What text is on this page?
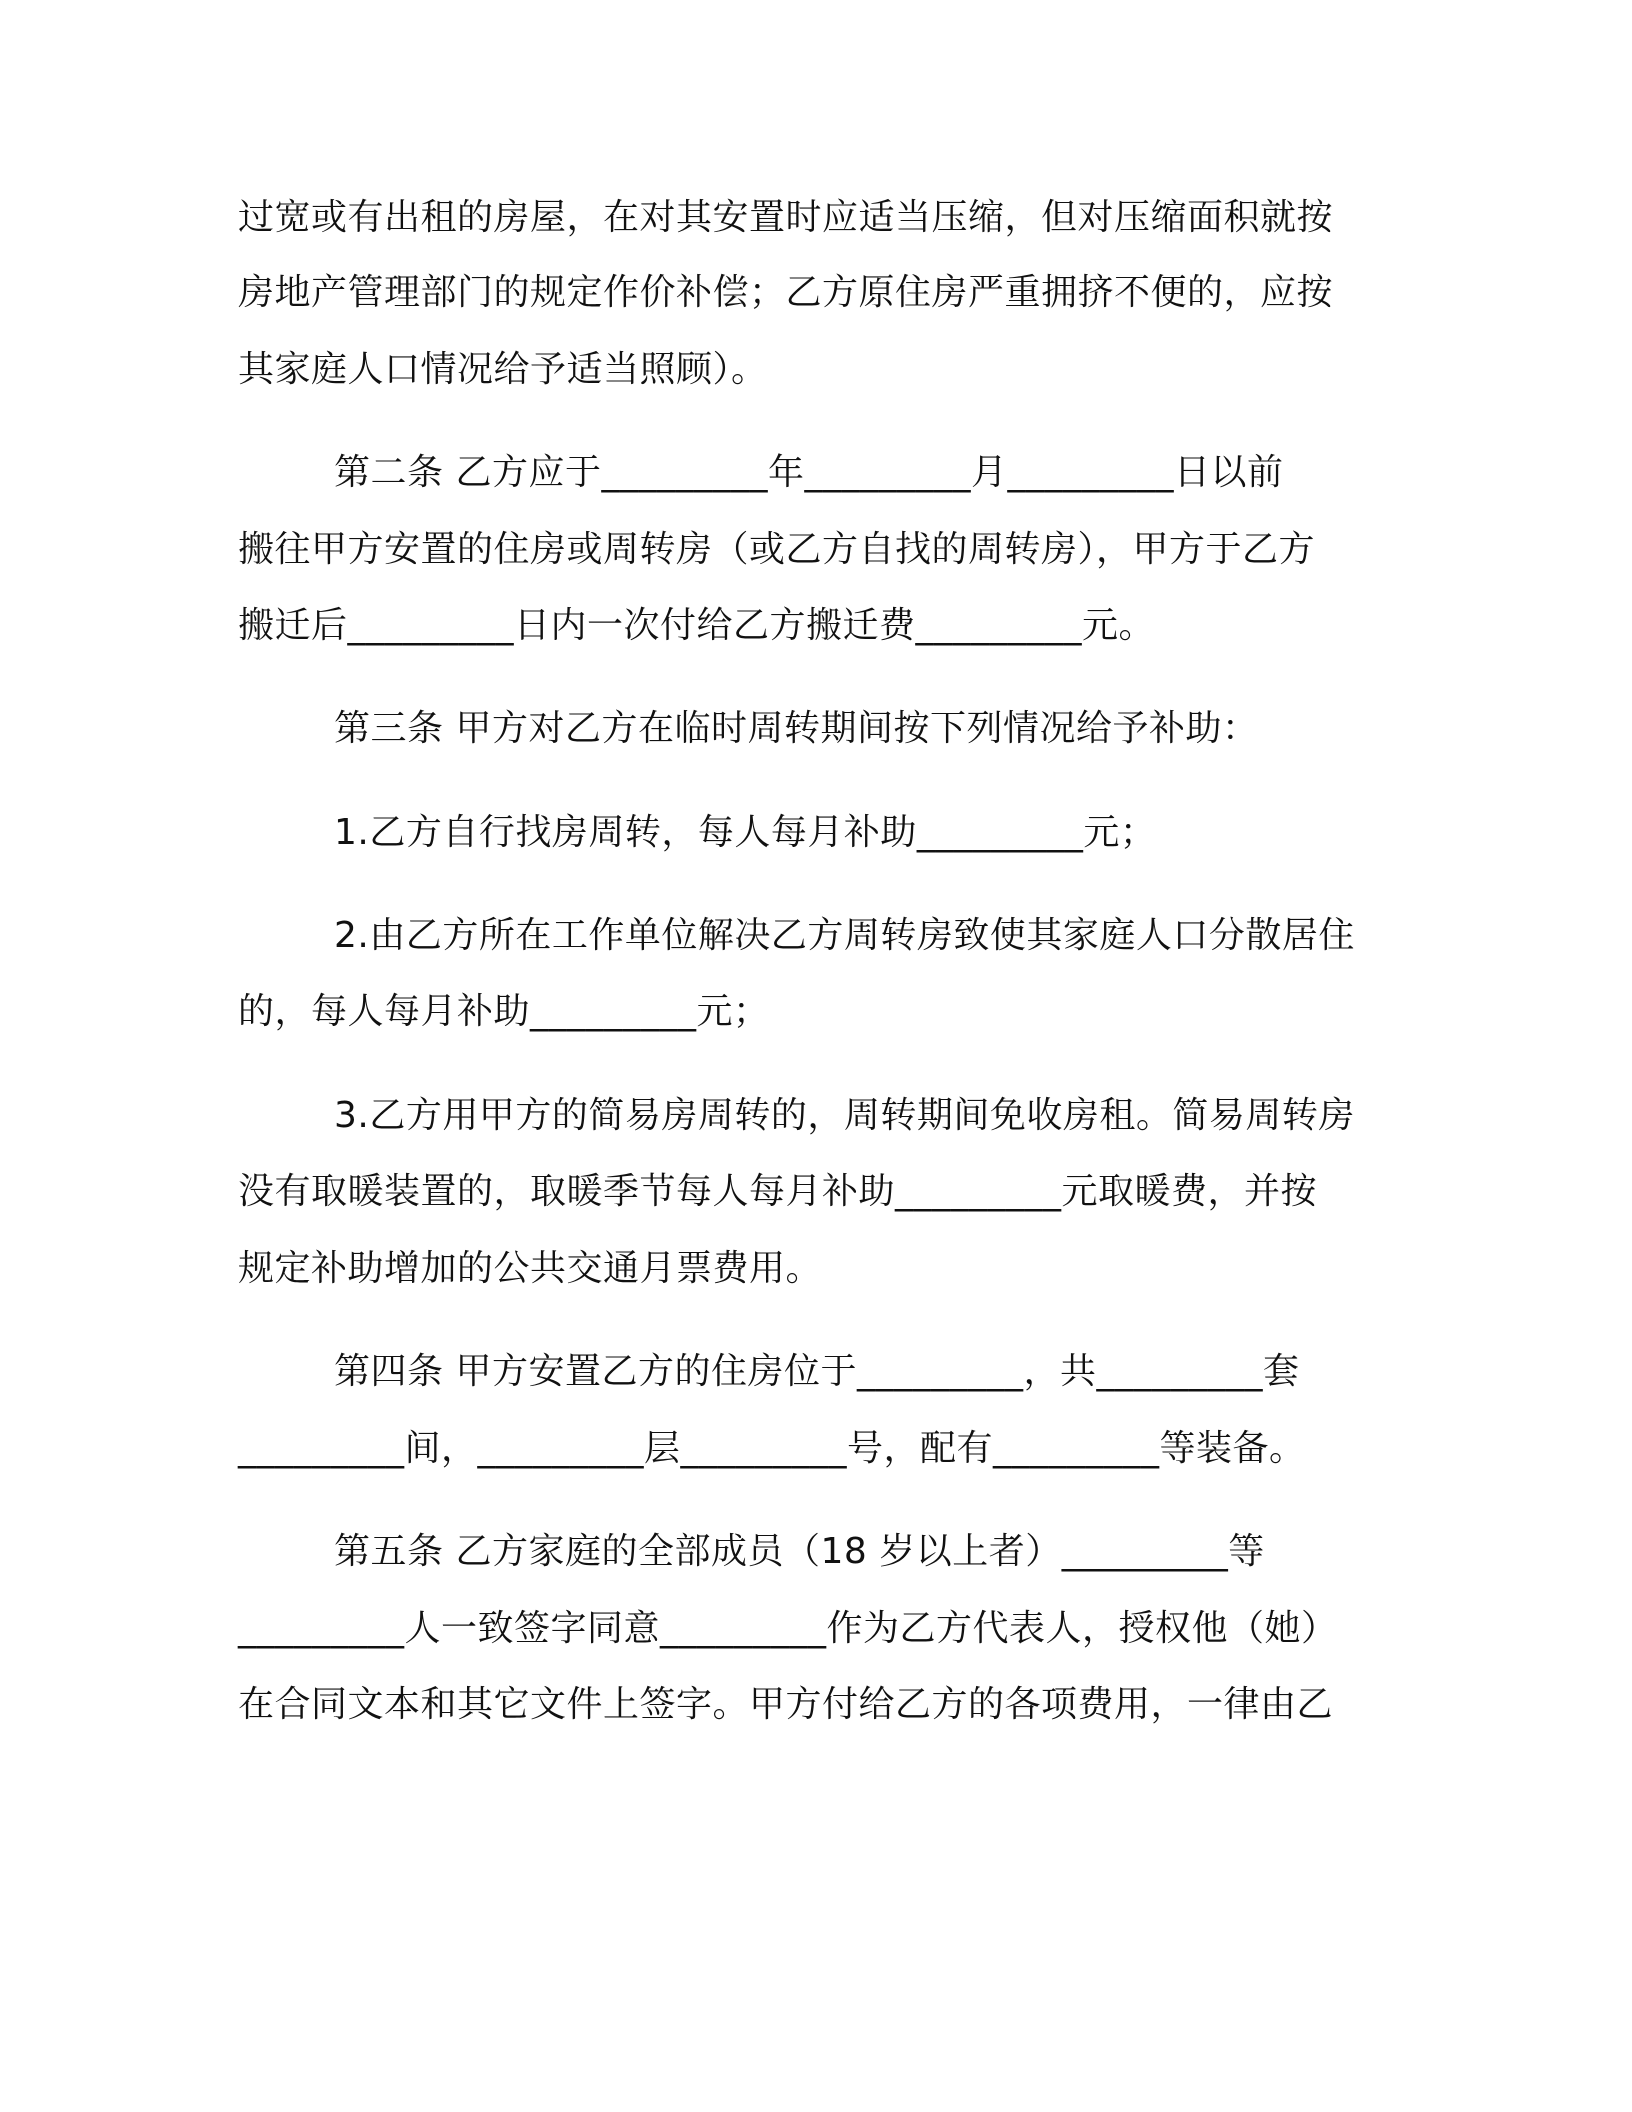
过宽或有出租的房屋，在对其安置时应适当压缩，但对压缩面积就按
房地产管理部门的规定作价补偿；乙方原住房严重拥挤不便的，应按
其家庭人口情况给予适当照顾）。
第二条 乙方应于_________年_________月_________日以前
搬往甲方安置的住房或周转房（或乙方自找的周转房），甲方于乙方
搬迁后_________日内一次付给乙方搬迁费_________元。
第三条 甲方对乙方在临时周转期间按下列情况给予补助：
1.乙方自行找房周转，每人每月补助_________元；
2.由乙方所在工作单位解决乙方周转房致使其家庭人口分散居住
的，每人每月补助_________元；
3.乙方用甲方的简易房周转的，周转期间免收房租。简易周转房
没有取暖装置的，取暖季节每人每月补助_________元取暖费，并按
规定补助增加的公共交通月票费用。
第四条 甲方安置乙方的住房位于_________，共_________套
_________间，_________层_________号，配有_________等装备。
第五条 乙方家庭的全部成员（18 岁以上者）_________等
_________人一致签字同意_________作为乙方代表人，授权他（她）
在合同文本和其它文件上签字。甲方付给乙方的各项费用，一律由乙
